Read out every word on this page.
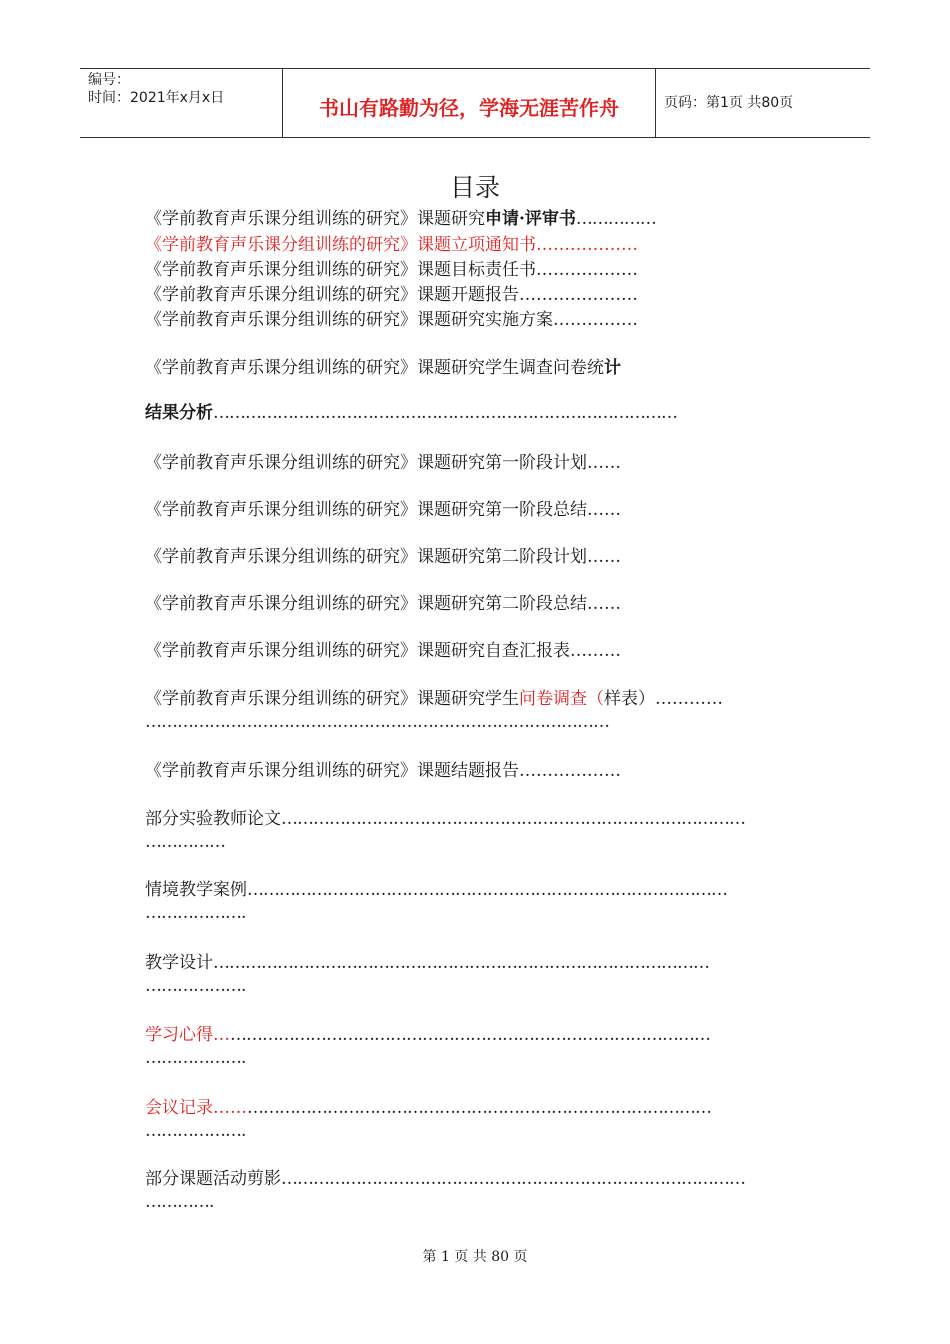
编号：
时间：2021年x月x日	书山有路勤为径，学海无涯苦作舟	页码：第1页 共80页
目录
《学前教育声乐课分组训练的研究》课题研究申请·评审书……………
《学前教育声乐课分组训练的研究》课题立项通知书………………
《学前教育声乐课分组训练的研究》课题目标责任书………………
《学前教育声乐课分组训练的研究》课题开题报告…………………
《学前教育声乐课分组训练的研究》课题研究实施方案……………
《学前教育声乐课分组训练的研究》课题研究学生调查问卷统计
结果分析……………………………………………………………………………
《学前教育声乐课分组训练的研究》课题研究第一阶段计划……
《学前教育声乐课分组训练的研究》课题研究第一阶段总结……
《学前教育声乐课分组训练的研究》课题研究第二阶段计划……
《学前教育声乐课分组训练的研究》课题研究第二阶段总结……
《学前教育声乐课分组训练的研究》课题研究自查汇报表………
《学前教育声乐课分组训练的研究》课题研究学生问卷调查（样表）…………
……………………………………………………………………………
《学前教育声乐课分组训练的研究》课题结题报告………………
部分实验教师论文……………………………………………………………………………
……………
情境教学案例………………………………………………………………………………
……………….
教学设计…………………………………………………………………………………
……………….
学习心得…………………………………………………………………………………
……………….
会议记录…………………………………………………………………………………
……………….
部分课题活动剪影……………………………………………………………………………
………….
第 1 页 共 80 页
